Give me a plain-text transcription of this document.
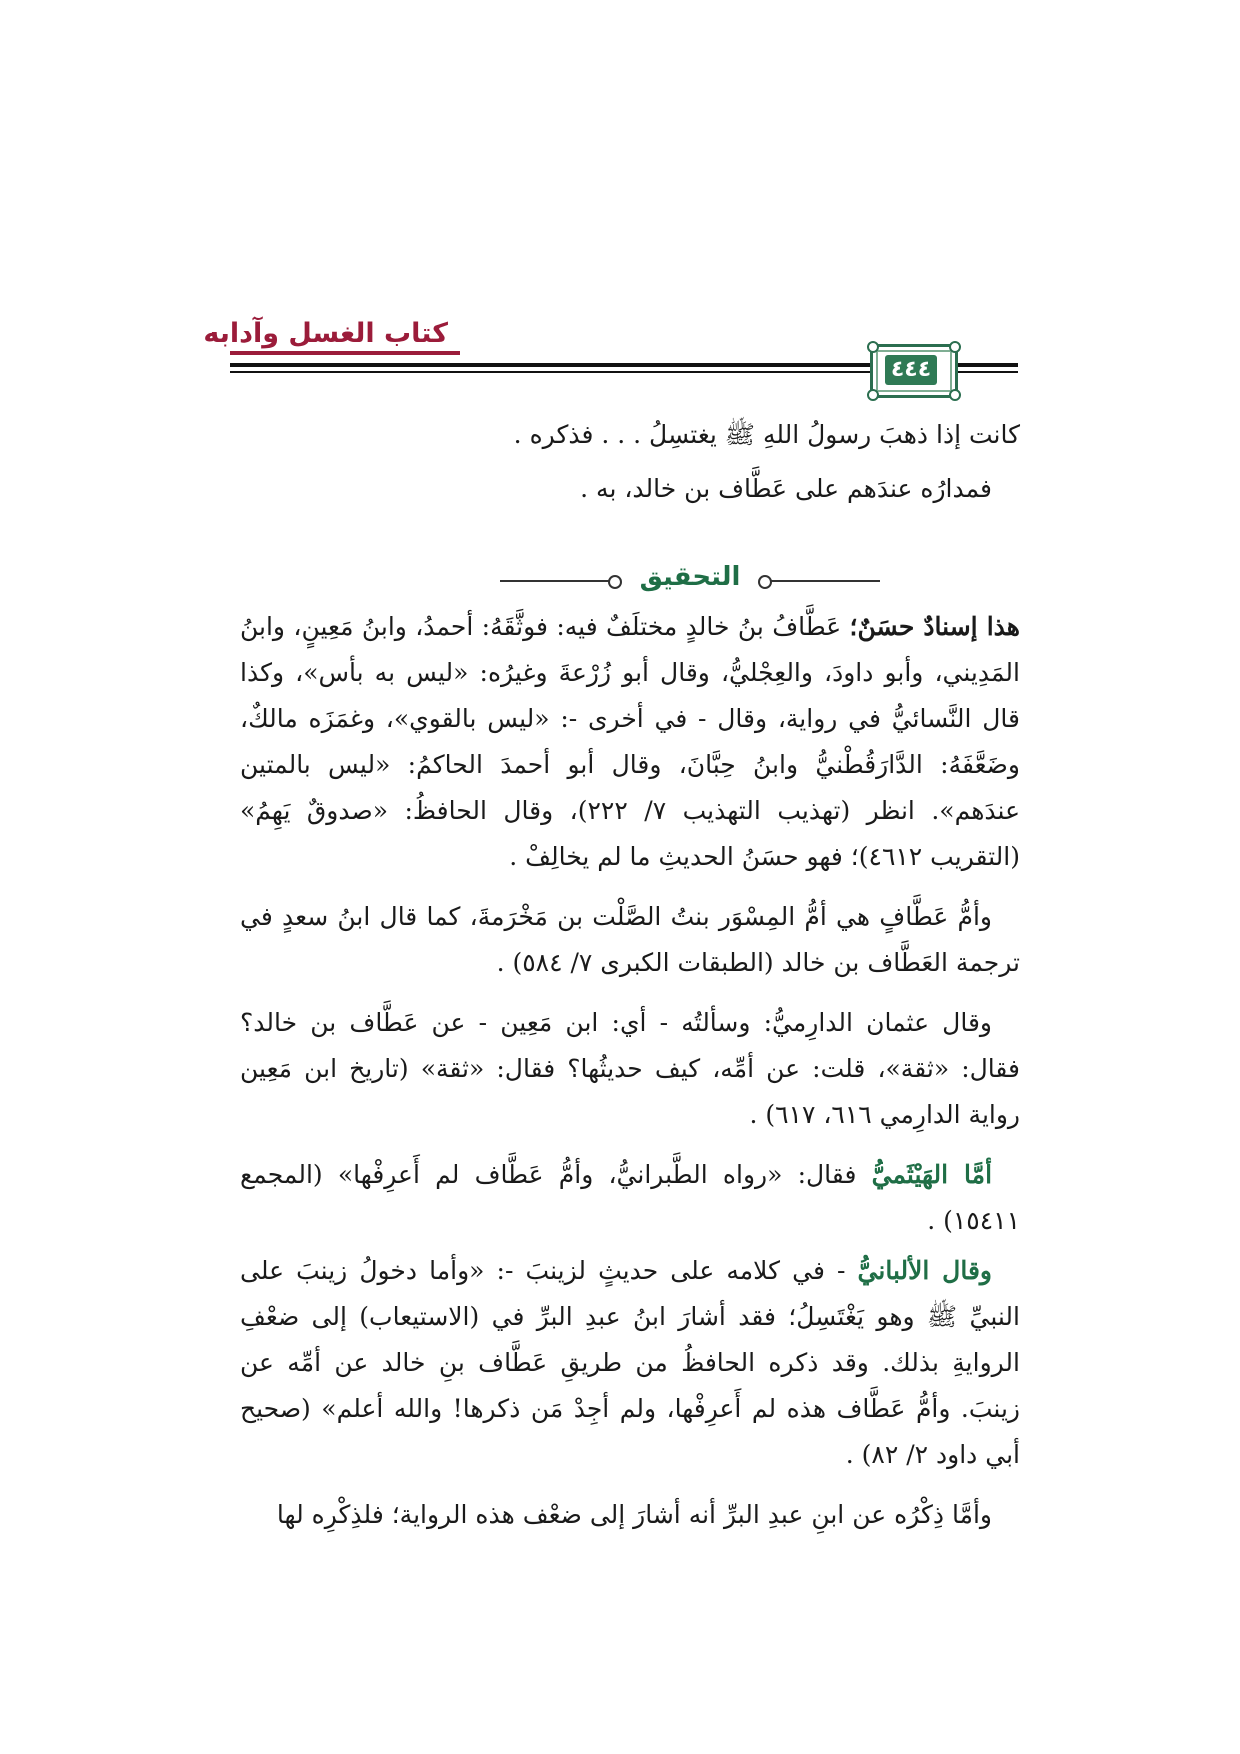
كتاب الغسل وآدابه
٤٤٤

كانت إذا ذهبَ رسولُ اللهِ ﷺ يغتسِلُ . . . فذكره .

فمدارُه عندَهم على عَطَّاف بن خالد، به .

التحقيق

هذا إسنادٌ حسَنٌ؛ عَطَّافُ بنُ خالدٍ مختلَفٌ فيه: فوثَّقَهُ: أحمدُ، وابنُ مَعِينٍ، وابنُ المَدِيني، وأبو داودَ، والعِجْليُّ، وقال أبو زُرْعةَ وغيرُه: «ليس به بأس»، وكذا قال النَّسائيُّ في رواية، وقال - في أخرى -: «ليس بالقوي»، وغمَزَه مالكٌ، وضَعَّفَهُ: الدَّارَقُطْنيُّ وابنُ حِبَّانَ، وقال أبو أحمدَ الحاكمُ: «ليس بالمتين عندَهم». انظر (تهذيب التهذيب ٧/ ٢٢٢)، وقال الحافظُ: «صدوقٌ يَهِمُ» (التقريب ٤٦١٢)؛ فهو حسَنُ الحديثِ ما لم يخالِفْ .

وأمُّ عَطَّافٍ هي أمُّ المِسْوَر بنتُ الصَّلْت بن مَخْرَمةَ، كما قال ابنُ سعدٍ في ترجمة العَطَّاف بن خالد (الطبقات الكبرى ٧/ ٥٨٤) .

وقال عثمان الدارِميُّ: وسألتُه - أي: ابن مَعِين - عن عَطَّاف بن خالد؟ فقال: «ثقة»، قلت: عن أمِّه، كيف حديثُها؟ فقال: «ثقة» (تاريخ ابن مَعِين رواية الدارِمي ٦١٦، ٦١٧) .

أمَّا الهَيْثَميُّ فقال: «رواه الطَّبرانيُّ، وأمُّ عَطَّاف لم أَعرِفْها» (المجمع ١٥٤١١) .

وقال الألبانيُّ - في كلامه على حديثٍ لزينبَ -: «وأما دخولُ زينبَ على النبيِّ ﷺ وهو يَغْتَسِلُ؛ فقد أشارَ ابنُ عبدِ البرِّ في (الاستيعاب) إلى ضعْفِ الروايةِ بذلك. وقد ذكره الحافظُ من طريقِ عَطَّاف بنِ خالد عن أمِّه عن زينبَ. وأمُّ عَطَّاف هذه لم أَعرِفْها، ولم أجِدْ مَن ذكرها! والله أعلم» (صحيح أبي داود ٢/ ٨٢) .

وأمَّا ذِكْرُه عن ابنِ عبدِ البرِّ أنه أشارَ إلى ضعْف هذه الرواية؛ فلذِكْرِه لها
